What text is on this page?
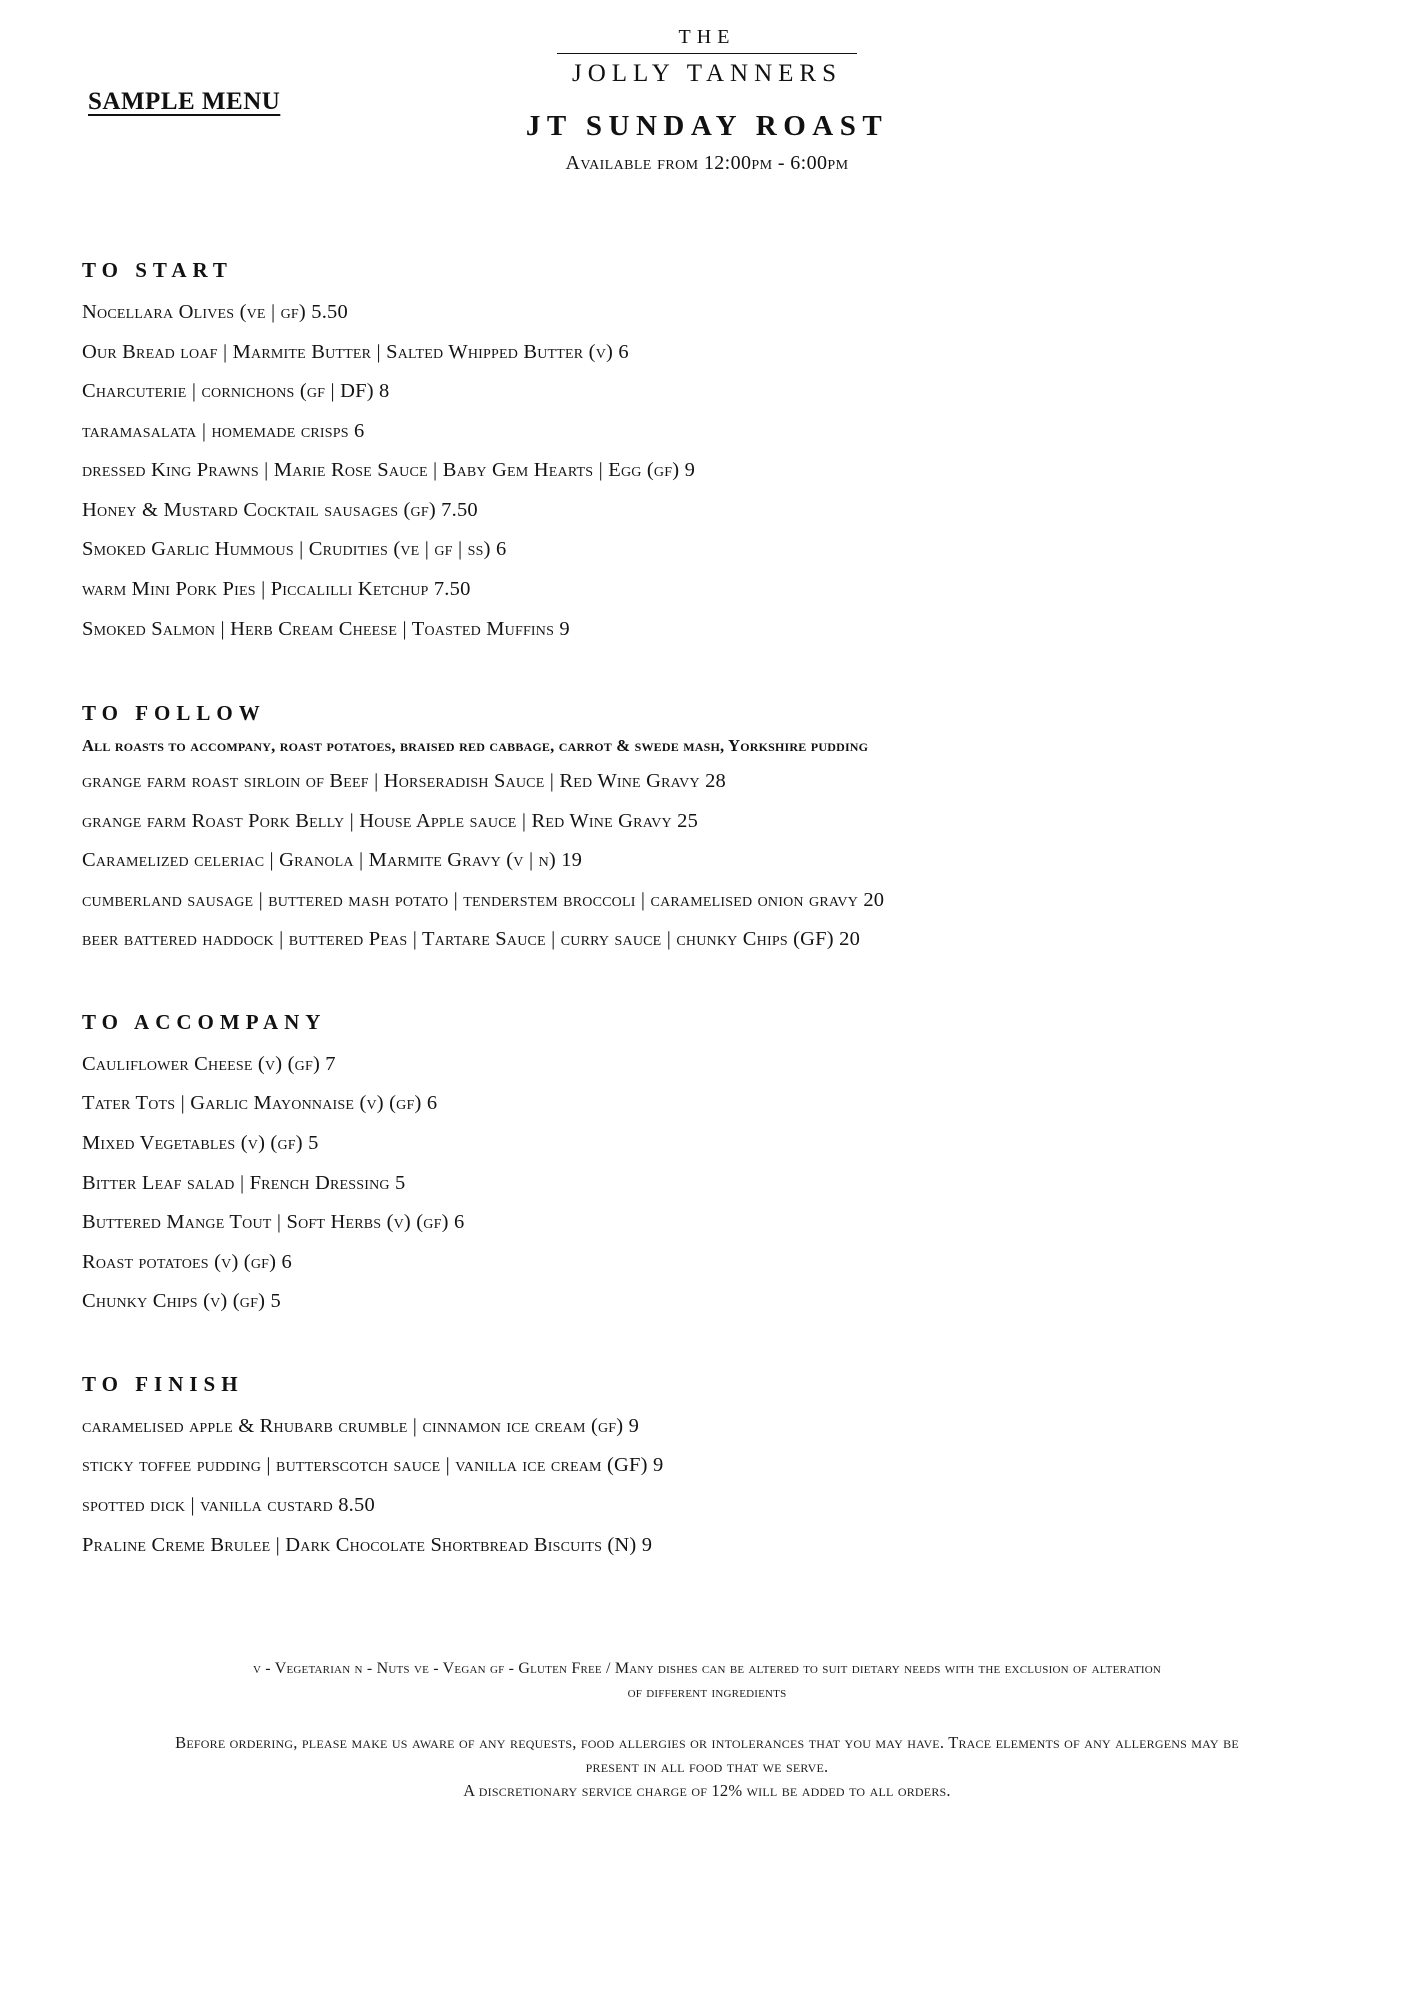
SAMPLE MENU
THE
JOLLY TANNERS
JT SUNDAY ROAST
Available from 12:00pm - 6:00pm
TO START
Nocellara Olives (ve | gf) 5.50
Our Bread loaf | Marmite Butter | Salted Whipped Butter (v) 6
Charcuterie | cornichons (gf | DF) 8
taramasalata | homemade crisps 6
dressed King Prawns | Marie Rose Sauce | Baby Gem Hearts | Egg (gf) 9
Honey & Mustard Cocktail sausages (gf) 7.50
Smoked Garlic Hummous | Crudities (ve | gf | ss) 6
warm Mini Pork Pies | Piccalilli Ketchup 7.50
Smoked Salmon | Herb Cream Cheese | Toasted Muffins 9
TO FOLLOW
All roasts to accompany, roast potatoes, braised red cabbage, carrot & swede mash, Yorkshire pudding
grange farm roast sirloin of Beef | Horseradish Sauce | Red Wine Gravy 28
grange farm Roast Pork Belly | House Apple sauce | Red Wine Gravy 25
Caramelized celeriac | Granola | Marmite Gravy (v | n) 19
cumberland sausage | buttered mash potato | tenderstem broccoli | caramelised onion gravy 20
beer battered haddock | buttered Peas | Tartare Sauce | curry sauce | chunky Chips (GF) 20
TO ACCOMPANY
Cauliflower Cheese (v) (gf) 7
Tater Tots | Garlic Mayonnaise (v) (gf) 6
Mixed Vegetables (v) (gf) 5
Bitter Leaf salad | French Dressing 5
Buttered Mange Tout | Soft Herbs (v) (gf) 6
Roast potatoes (v) (gf) 6
Chunky Chips (v) (gf) 5
TO FINISH
caramelised apple & Rhubarb crumble | cinnamon ice cream (gf) 9
sticky toffee pudding | butterscotch sauce | vanilla ice cream (GF) 9
spotted dick | vanilla custard 8.50
Praline Creme Brulee | Dark Chocolate Shortbread Biscuits (N) 9
v - Vegetarian n - Nuts ve - Vegan gf - Gluten Free / Many dishes can be altered to suit dietary needs with the exclusion of alteration
of different ingredients
Before ordering, please make us aware of any requests, food allergies or intolerances that you may have. Trace elements of any allergens may be
present in all food that we serve.
A discretionary service charge of 12% will be added to all orders.
